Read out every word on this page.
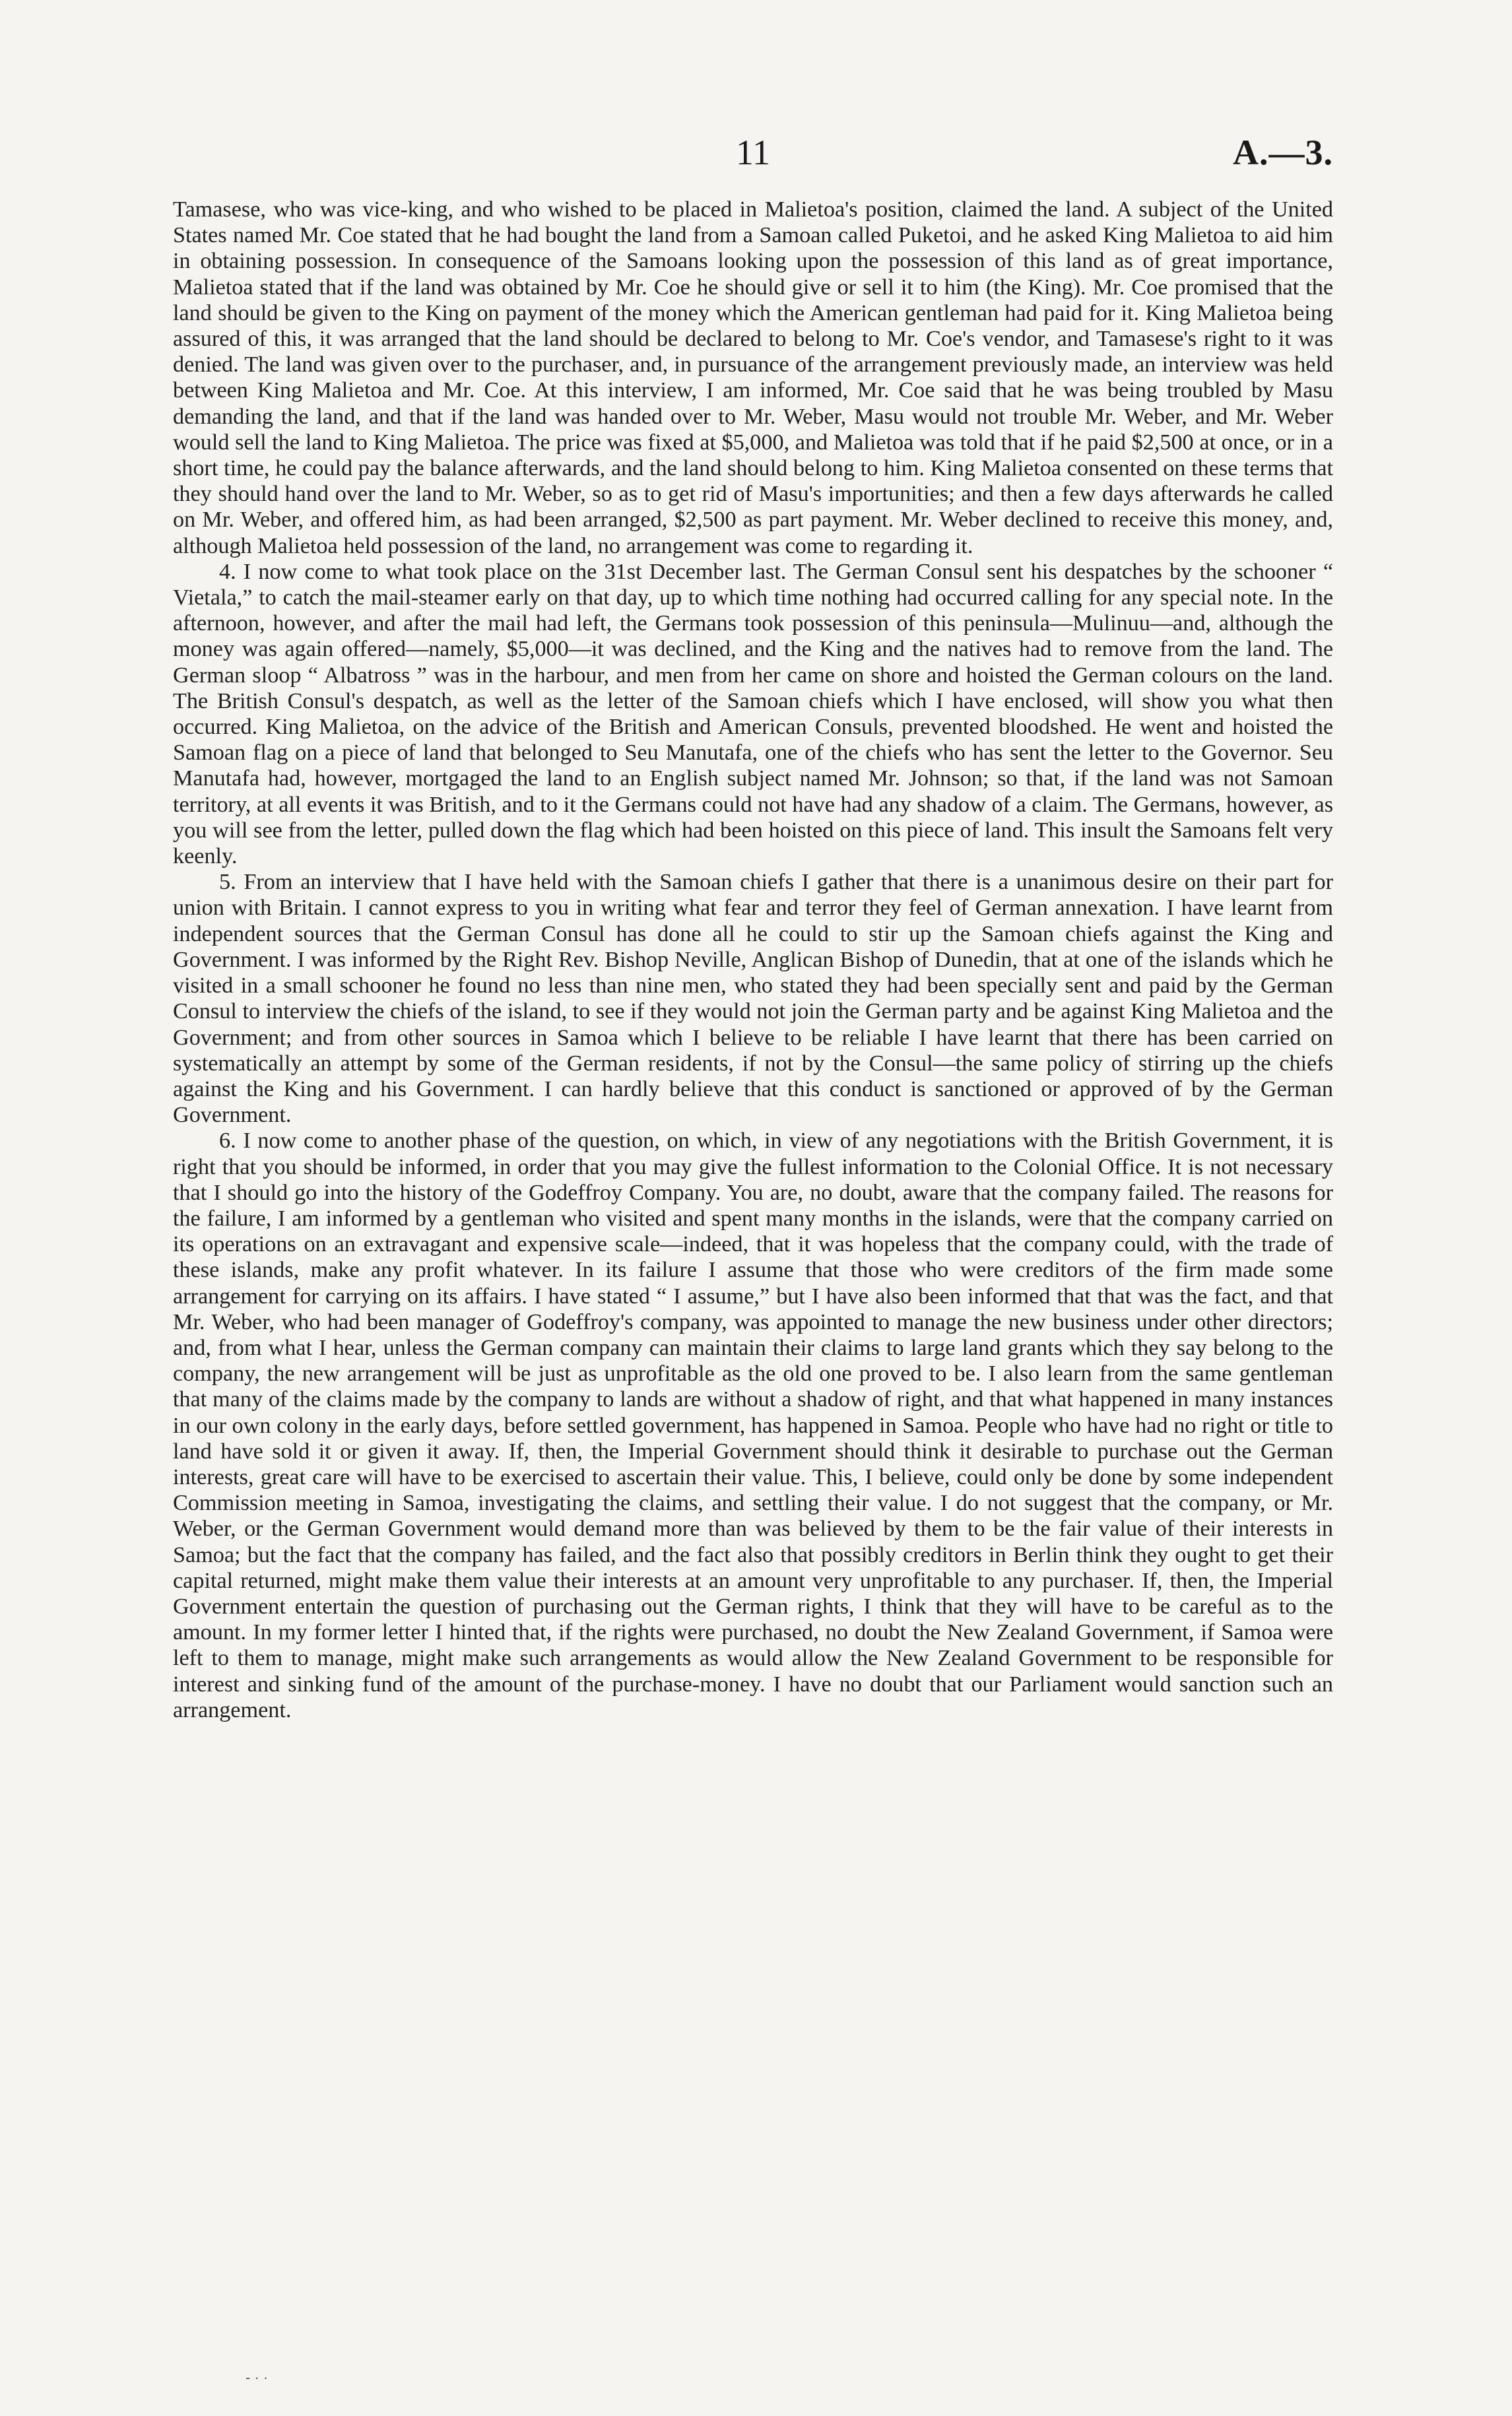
11	A.—3.

Tamasese, who was vice-king, and who wished to be placed in Malietoa's position, claimed the land. A subject of the United States named Mr. Coe stated that he had bought the land from a Samoan called Puketoi, and he asked King Malietoa to aid him in obtaining possession. In consequence of the Samoans looking upon the possession of this land as of great importance, Malietoa stated that if the land was obtained by Mr. Coe he should give or sell it to him (the King). Mr. Coe promised that the land should be given to the King on payment of the money which the American gentleman had paid for it. King Malietoa being assured of this, it was arranged that the land should be declared to belong to Mr. Coe's vendor, and Tamasese's right to it was denied. The land was given over to the purchaser, and, in pursuance of the arrangement previously made, an interview was held between King Malietoa and Mr. Coe. At this interview, I am informed, Mr. Coe said that he was being troubled by Masu demanding the land, and that if the land was handed over to Mr. Weber, Masu would not trouble Mr. Weber, and Mr. Weber would sell the land to King Malietoa. The price was fixed at $5,000, and Malietoa was told that if he paid $2,500 at once, or in a short time, he could pay the balance afterwards, and the land should belong to him. King Malietoa consented on these terms that they should hand over the land to Mr. Weber, so as to get rid of Masu's importunities; and then a few days afterwards he called on Mr. Weber, and offered him, as had been arranged, $2,500 as part payment. Mr. Weber declined to receive this money, and, although Malietoa held possession of the land, no arrangement was come to regarding it.

4. I now come to what took place on the 31st December last. The German Consul sent his despatches by the schooner “ Vietala,” to catch the mail-steamer early on that day, up to which time nothing had occurred calling for any special note. In the afternoon, however, and after the mail had left, the Germans took possession of this peninsula—Mulinuu—and, although the money was again offered—namely, $5,000—it was declined, and the King and the natives had to remove from the land. The German sloop “ Albatross ” was in the harbour, and men from her came on shore and hoisted the German colours on the land. The British Consul's despatch, as well as the letter of the Samoan chiefs which I have enclosed, will show you what then occurred. King Malietoa, on the advice of the British and American Consuls, prevented bloodshed. He went and hoisted the Samoan flag on a piece of land that belonged to Seu Manutafa, one of the chiefs who has sent the letter to the Governor. Seu Manutafa had, however, mortgaged the land to an English subject named Mr. Johnson; so that, if the land was not Samoan territory, at all events it was British, and to it the Germans could not have had any shadow of a claim. The Germans, however, as you will see from the letter, pulled down the flag which had been hoisted on this piece of land. This insult the Samoans felt very keenly.

5. From an interview that I have held with the Samoan chiefs I gather that there is a unanimous desire on their part for union with Britain. I cannot express to you in writing what fear and terror they feel of German annexation. I have learnt from independent sources that the German Consul has done all he could to stir up the Samoan chiefs against the King and Government. I was informed by the Right Rev. Bishop Neville, Anglican Bishop of Dunedin, that at one of the islands which he visited in a small schooner he found no less than nine men, who stated they had been specially sent and paid by the German Consul to interview the chiefs of the island, to see if they would not join the German party and be against King Malietoa and the Government; and from other sources in Samoa which I believe to be reliable I have learnt that there has been carried on systematically an attempt by some of the German residents, if not by the Consul—the same policy of stirring up the chiefs against the King and his Government. I can hardly believe that this conduct is sanctioned or approved of by the German Government.

6. I now come to another phase of the question, on which, in view of any negotiations with the British Government, it is right that you should be informed, in order that you may give the fullest information to the Colonial Office. It is not necessary that I should go into the history of the Godeffroy Company. You are, no doubt, aware that the company failed. The reasons for the failure, I am informed by a gentleman who visited and spent many months in the islands, were that the company carried on its operations on an extravagant and expensive scale—indeed, that it was hopeless that the company could, with the trade of these islands, make any profit whatever. In its failure I assume that those who were creditors of the firm made some arrangement for carrying on its affairs. I have stated “ I assume,” but I have also been informed that that was the fact, and that Mr. Weber, who had been manager of Godeffroy's company, was appointed to manage the new business under other directors; and, from what I hear, unless the German company can maintain their claims to large land grants which they say belong to the company, the new arrangement will be just as unprofitable as the old one proved to be. I also learn from the same gentleman that many of the claims made by the company to lands are without a shadow of right, and that what happened in many instances in our own colony in the early days, before settled government, has happened in Samoa. People who have had no right or title to land have sold it or given it away. If, then, the Imperial Government should think it desirable to purchase out the German interests, great care will have to be exercised to ascertain their value. This, I believe, could only be done by some independent Commission meeting in Samoa, investigating the claims, and settling their value. I do not suggest that the company, or Mr. Weber, or the German Government would demand more than was believed by them to be the fair value of their interests in Samoa; but the fact that the company has failed, and the fact also that possibly creditors in Berlin think they ought to get their capital returned, might make them value their interests at an amount very unprofitable to any purchaser. If, then, the Imperial Government entertain the question of purchasing out the German rights, I think that they will have to be careful as to the amount. In my former letter I hinted that, if the rights were purchased, no doubt the New Zealand Government, if Samoa were left to them to manage, might make such arrangements as would allow the New Zealand Government to be responsible for interest and sinking fund of the amount of the purchase-money. I have no doubt that our Parliament would sanction such an arrangement.

- · ·
